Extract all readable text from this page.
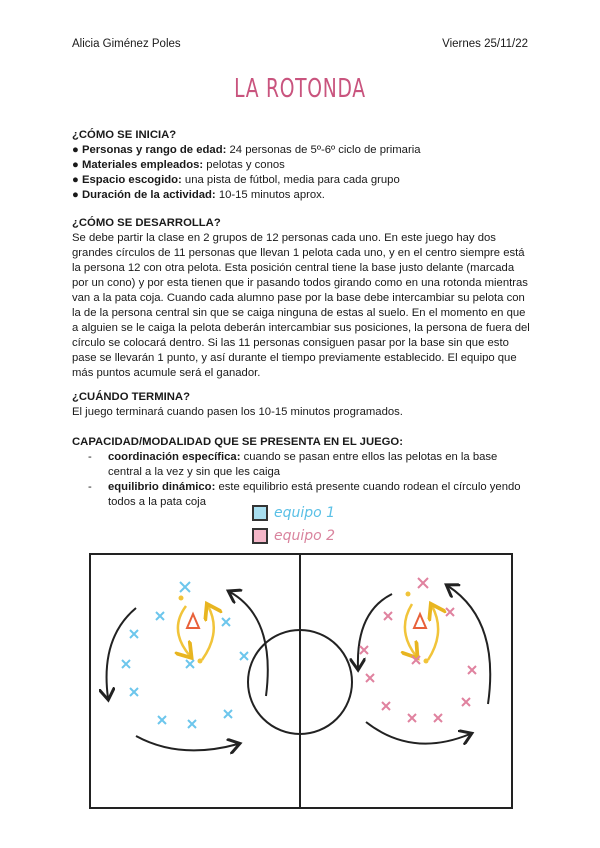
Alicia Giménez Poles	Viernes 25/11/22
LA ROTONDA
¿CÓMO SE INICIA?
● Personas y rango de edad: 24 personas de 5º-6º ciclo de primaria
● Materiales empleados: pelotas y conos
● Espacio escogido: una pista de fútbol, media para cada grupo
● Duración de la actividad: 10-15 minutos aprox.
¿CÓMO SE DESARROLLA?
Se debe partir la clase en 2 grupos de 12 personas cada uno. En este juego hay dos grandes círculos de 11 personas que llevan 1 pelota cada uno, y en el centro siempre está la persona 12 con otra pelota. Esta posición central tiene la base justo delante (marcada por un cono) y por esta tienen que ir pasando todos girando como en una rotonda mientras van a la pata coja. Cuando cada alumno pase por la base debe intercambiar su pelota con la de la persona central sin que se caiga ninguna de estas al suelo. En el momento en que a alguien se le caiga la pelota deberán intercambiar sus posiciones, la persona de fuera del círculo se colocará dentro. Si las 11 personas consiguen pasar por la base sin que esto pase se llevarán 1 punto, y así durante el tiempo previamente establecido. El equipo que más puntos acumule será el ganador.
¿CUÁNDO TERMINA?
El juego terminará cuando pasen los 10-15 minutos programados.
CAPACIDAD/MODALIDAD QUE SE PRESENTA EN EL JUEGO:
- coordinación específica: cuando se pasan entre ellos las pelotas en la base central a la vez y sin que les caiga
- equilibrio dinámico: este equilibrio está presente cuando rodean el círculo yendo todos a la pata coja
equipo 1
equipo 2
